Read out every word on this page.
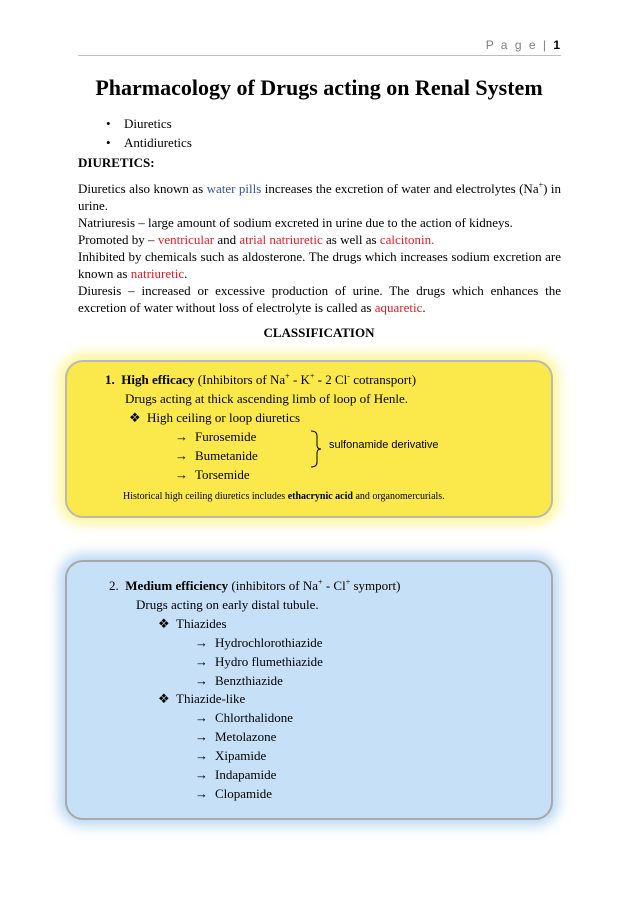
P a g e | 1
Pharmacology of Drugs acting on Renal System
• Diuretics
• Antidiuretics
DIURETICS:

Diuretics also known as water pills increases the excretion of water and electrolytes (Na+) in urine.

Natriuresis – large amount of sodium excreted in urine due to the action of kidneys.

Promoted by – ventricular and atrial natriuretic as well as calcitonin.

Inhibited by chemicals such as aldosterone. The drugs which increases sodium excretion are known as natriuretic.

Diuresis – increased or excessive production of urine. The drugs which enhances the excretion of water without loss of electrolyte is called as aquaretic.

CLASSIFICATION
1. High efficacy (Inhibitors of Na+ - K+ - 2 Cl- cotransport)
Drugs acting at thick ascending limb of loop of Henle.
❖ High ceiling or loop diuretics
→ Furosemide
→ Bumetanide
→ Torsemide
sulfonamide derivative
Historical high ceiling diuretics includes ethacrynic acid and organomercurials.
2. Medium efficiency (inhibitors of Na+ - Cl+ symport)
Drugs acting on early distal tubule.
❖ Thiazides
→ Hydrochlorothiazide
→ Hydro flumethiazide
→ Benzthiazide
❖ Thiazide-like
→ Chlorthalidone
→ Metolazone
→ Xipamide
→ Indapamide
→ Clopamide
